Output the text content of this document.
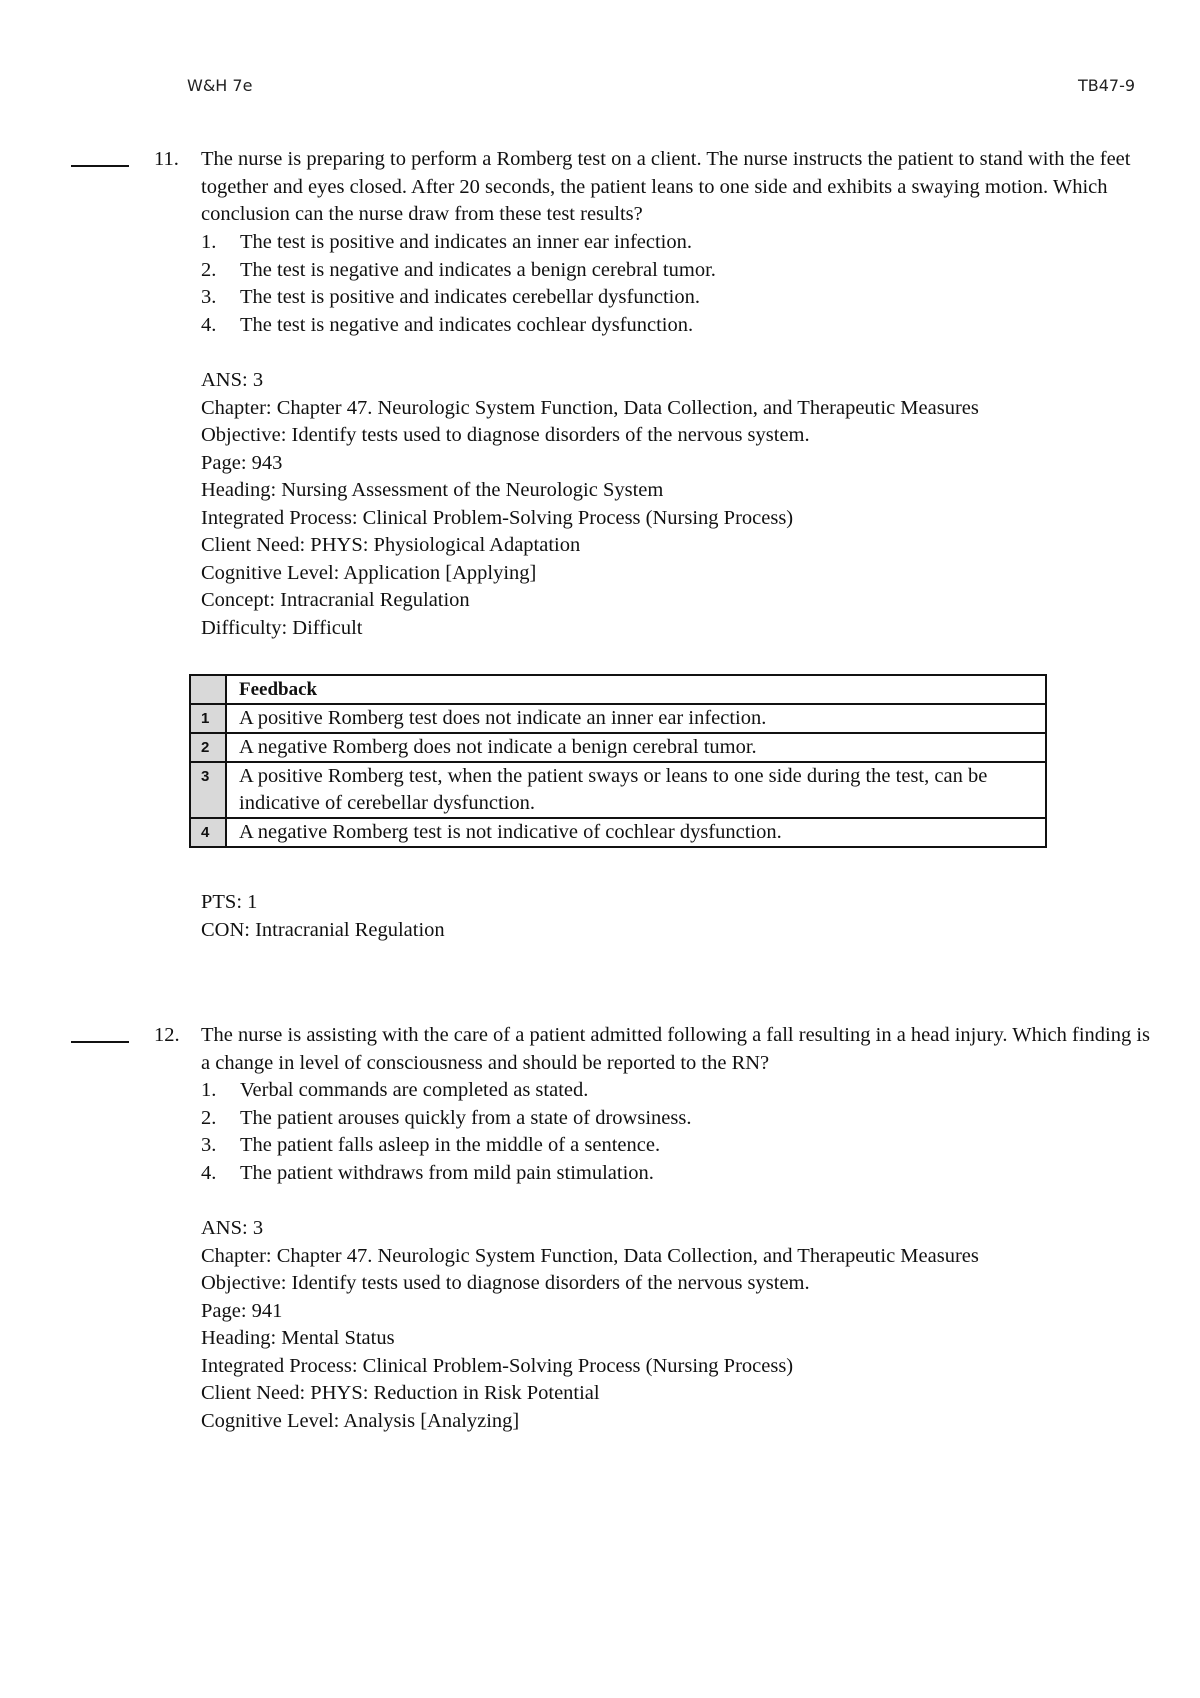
W&H 7e	TB47-9
11. The nurse is preparing to perform a Romberg test on a client. The nurse instructs the patient to stand with the feet together and eyes closed. After 20 seconds, the patient leans to one side and exhibits a swaying motion. Which conclusion can the nurse draw from these test results?

1.	The test is positive and indicates an inner ear infection.
2.	The test is negative and indicates a benign cerebral tumor.
3.	The test is positive and indicates cerebellar dysfunction.
4.	The test is negative and indicates cochlear dysfunction.
ANS: 3
Chapter: Chapter 47. Neurologic System Function, Data Collection, and Therapeutic Measures
Objective: Identify tests used to diagnose disorders of the nervous system.
Page: 943
Heading: Nursing Assessment of the Neurologic System
Integrated Process: Clinical Problem-Solving Process (Nursing Process)
Client Need: PHYS: Physiological Adaptation
Cognitive Level: Application [Applying]
Concept: Intracranial Regulation
Difficulty: Difficult
	Feedback
1	A positive Romberg test does not indicate an inner ear infection.
2	A negative Romberg does not indicate a benign cerebral tumor.
3	A positive Romberg test, when the patient sways or leans to one side during the test, can be indicative of cerebellar dysfunction.
4	A negative Romberg test is not indicative of cochlear dysfunction.
PTS: 1
CON: Intracranial Regulation
12. The nurse is assisting with the care of a patient admitted following a fall resulting in a head injury. Which finding is a change in level of consciousness and should be reported to the RN?

1.	Verbal commands are completed as stated.
2.	The patient arouses quickly from a state of drowsiness.
3.	The patient falls asleep in the middle of a sentence.
4.	The patient withdraws from mild pain stimulation.
ANS: 3
Chapter: Chapter 47. Neurologic System Function, Data Collection, and Therapeutic Measures
Objective: Identify tests used to diagnose disorders of the nervous system.
Page: 941
Heading: Mental Status
Integrated Process: Clinical Problem-Solving Process (Nursing Process)
Client Need: PHYS: Reduction in Risk Potential
Cognitive Level: Analysis [Analyzing]
